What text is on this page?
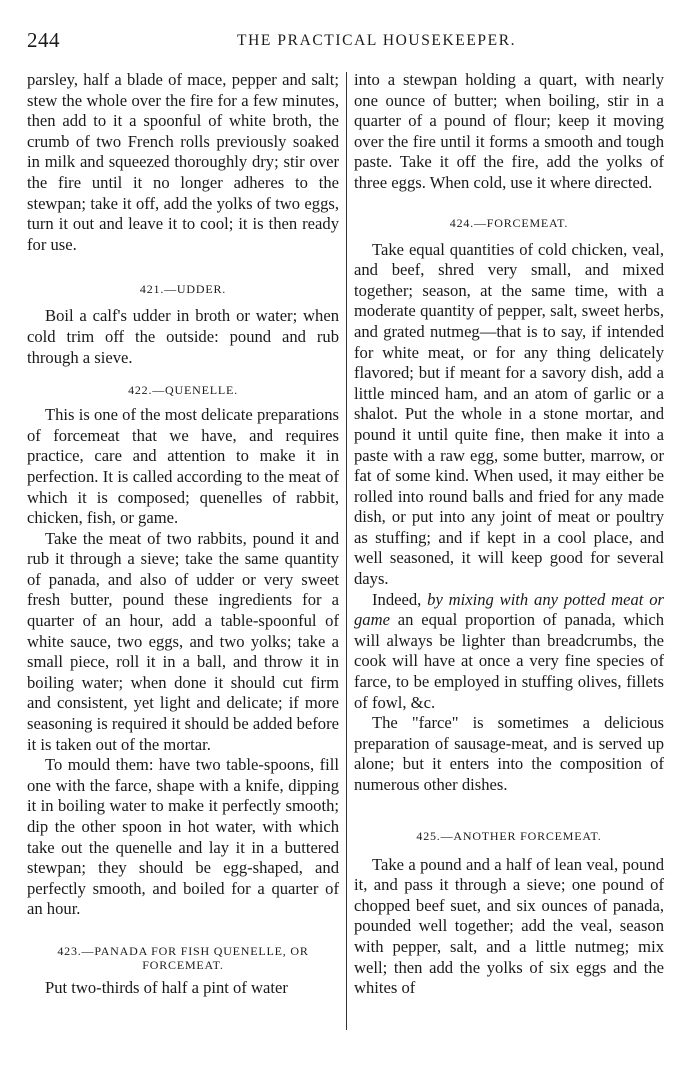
244	THE PRACTICAL HOUSEKEEPER.

parsley, half a blade of mace, pepper and salt; stew the whole over the fire for a few minutes, then add to it a spoonful of white broth, the crumb of two French rolls previously soaked in milk and squeezed thoroughly dry; stir over the fire until it no longer adheres to the stewpan; take it off, add the yolks of two eggs, turn it out and leave it to cool; it is then ready for use.

421.—UDDER.

Boil a calf's udder in broth or water; when cold trim off the outside: pound and rub through a sieve.

422.—QUENELLE.

This is one of the most delicate preparations of forcemeat that we have, and requires practice, care and attention to make it in perfection. It is called according to the meat of which it is composed; quenelles of rabbit, chicken, fish, or game.

Take the meat of two rabbits, pound it and rub it through a sieve; take the same quantity of panada, and also of udder or very sweet fresh butter, pound these ingredients for a quarter of an hour, add a table-spoonful of white sauce, two eggs, and two yolks; take a small piece, roll it in a ball, and throw it in boiling water; when done it should cut firm and consistent, yet light and delicate; if more seasoning is required it should be added before it is taken out of the mortar.

To mould them: have two table-spoons, fill one with the farce, shape with a knife, dipping it in boiling water to make it perfectly smooth; dip the other spoon in hot water, with which take out the quenelle and lay it in a buttered stewpan; they should be egg-shaped, and perfectly smooth, and boiled for a quarter of an hour.

423.—PANADA FOR FISH QUENELLE, OR FORCEMEAT.

Put two-thirds of half a pint of water

into a stewpan holding a quart, with nearly one ounce of butter; when boiling, stir in a quarter of a pound of flour; keep it moving over the fire until it forms a smooth and tough paste. Take it off the fire, add the yolks of three eggs. When cold, use it where directed.

424.—FORCEMEAT.

Take equal quantities of cold chicken, veal, and beef, shred very small, and mixed together; season, at the same time, with a moderate quantity of pepper, salt, sweet herbs, and grated nutmeg—that is to say, if intended for white meat, or for any thing delicately flavored; but if meant for a savory dish, add a little minced ham, and an atom of garlic or a shalot. Put the whole in a stone mortar, and pound it until quite fine, then make it into a paste with a raw egg, some butter, marrow, or fat of some kind. When used, it may either be rolled into round balls and fried for any made dish, or put into any joint of meat or poultry as stuffing; and if kept in a cool place, and well seasoned, it will keep good for several days.

Indeed, by mixing with any potted meat or game an equal proportion of panada, which will always be lighter than breadcrumbs, the cook will have at once a very fine species of farce, to be employed in stuffing olives, fillets of fowl, &c.

The "farce" is sometimes a delicious preparation of sausage-meat, and is served up alone; but it enters into the composition of numerous other dishes.

425.—ANOTHER FORCEMEAT.

Take a pound and a half of lean veal, pound it, and pass it through a sieve; one pound of chopped beef suet, and six ounces of panada, pounded well together; add the veal, season with pepper, salt, and a little nutmeg; mix well; then add the yolks of six eggs and the whites of
